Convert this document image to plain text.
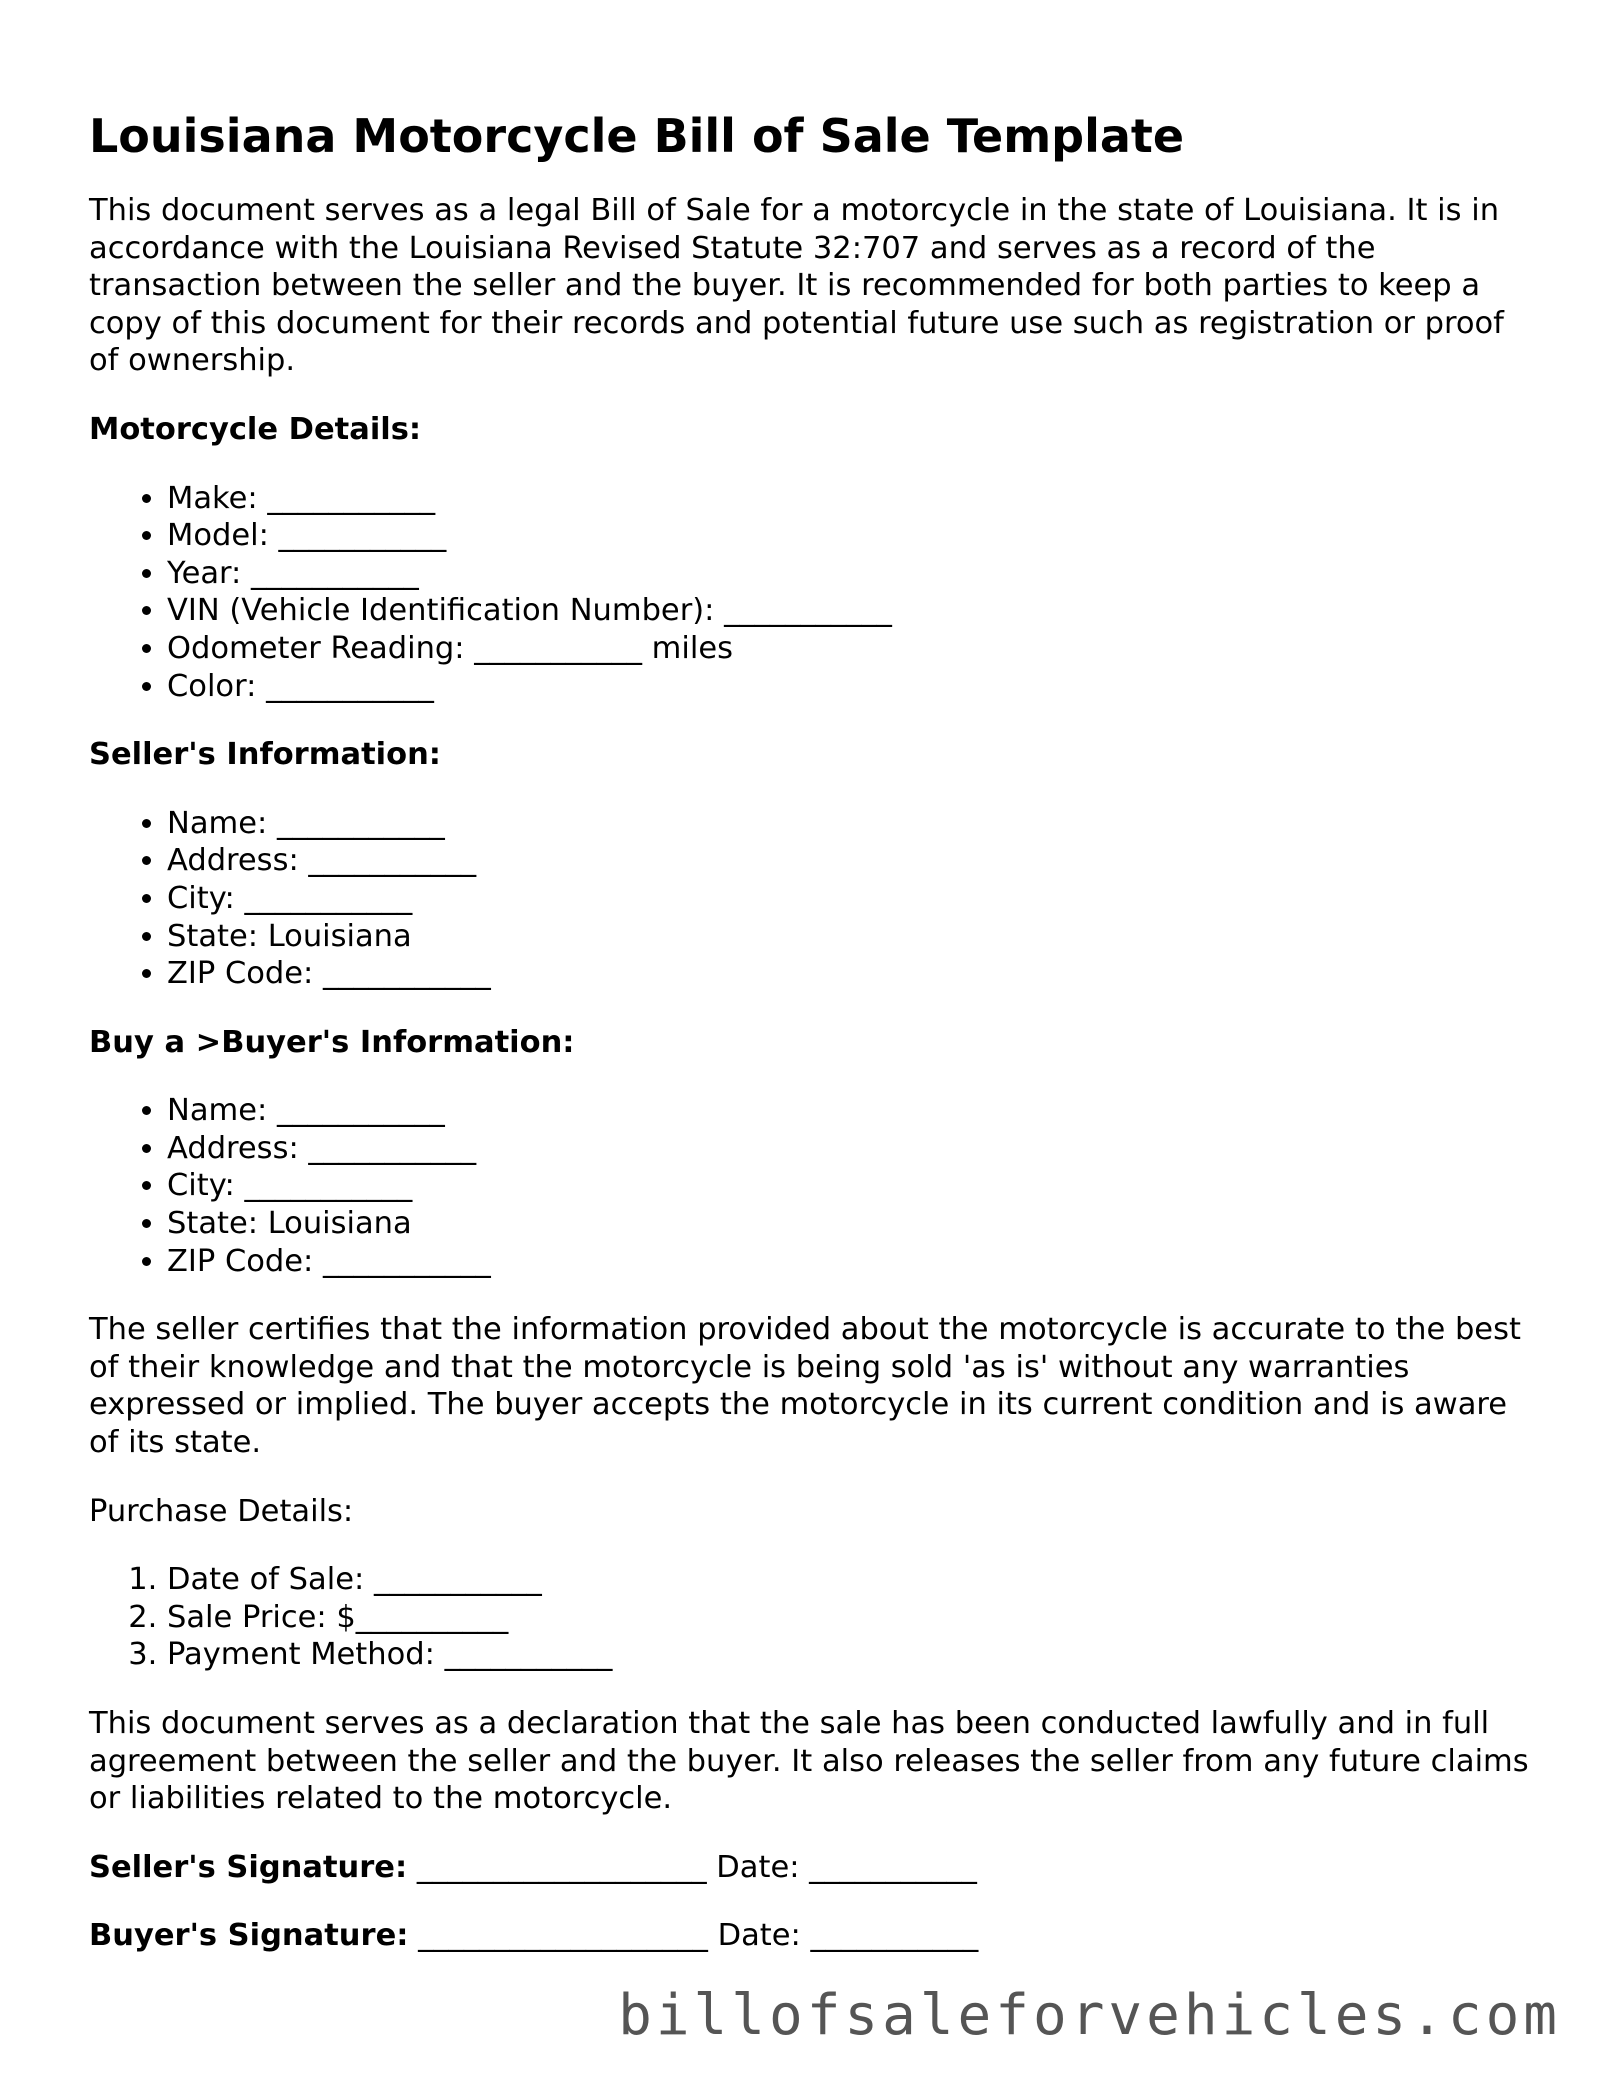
Louisiana Motorcycle Bill of Sale Template

This document serves as a legal Bill of Sale for a motorcycle in the state of Louisiana. It is in accordance with the Louisiana Revised Statute 32:707 and serves as a record of the transaction between the seller and the buyer. It is recommended for both parties to keep a copy of this document for their records and potential future use such as registration or proof of ownership.

Motorcycle Details:
• Make: ___________
• Model: ___________
• Year: ___________
• VIN (Vehicle Identification Number): ___________
• Odometer Reading: ___________ miles
• Color: ___________
Seller's Information:
• Name: ___________
• Address: ___________
• City: ___________
• State: Louisiana
• ZIP Code: ___________
Buy a >Buyer's Information:
• Name: ___________
• Address: ___________
• City: ___________
• State: Louisiana
• ZIP Code: ___________

The seller certifies that the information provided about the motorcycle is accurate to the best of their knowledge and that the motorcycle is being sold 'as is' without any warranties expressed or implied. The buyer accepts the motorcycle in its current condition and is aware of its state.

Purchase Details:
1. Date of Sale: ___________
2. Sale Price: $__________
3. Payment Method: ___________

This document serves as a declaration that the sale has been conducted lawfully and in full agreement between the seller and the buyer. It also releases the seller from any future claims or liabilities related to the motorcycle.

Seller's Signature: ___________________ Date: ___________
Buyer's Signature: ___________________ Date: ___________
billofsaleforvehicles.com
